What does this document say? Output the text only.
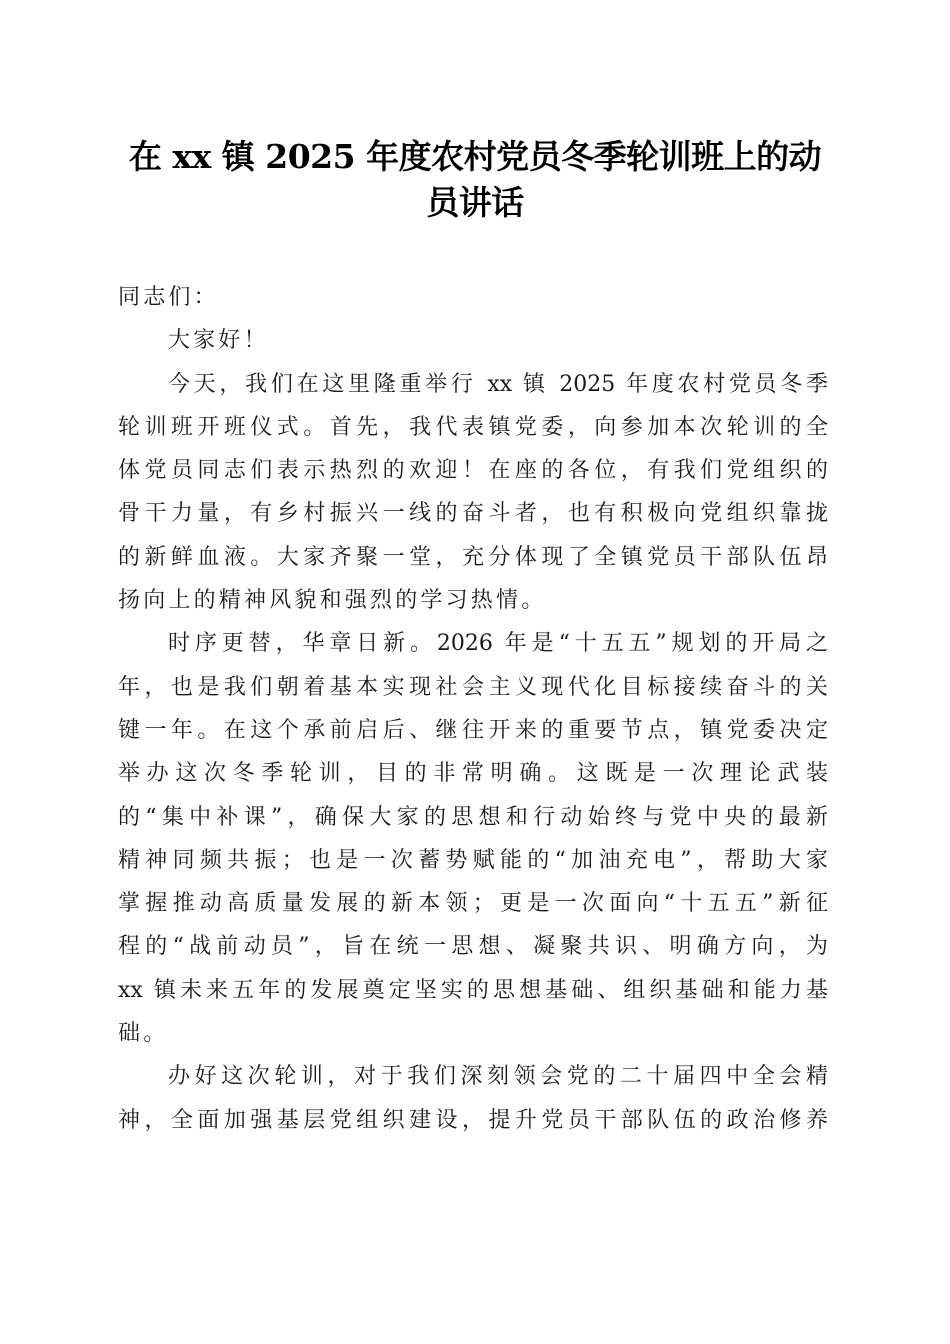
在 xx 镇 2025 年度农村党员冬季轮训班上的动
员讲话
同志们：
大家好！
今天，我们在这里隆重举行 xx 镇 2025 年度农村党员冬季
轮训班开班仪式。首先，我代表镇党委，向参加本次轮训的全
体党员同志们表示热烈的欢迎！在座的各位，有我们党组织的
骨干力量，有乡村振兴一线的奋斗者，也有积极向党组织靠拢
的新鲜血液。大家齐聚一堂，充分体现了全镇党员干部队伍昂
扬向上的精神风貌和强烈的学习热情。
时序更替，华章日新。2026 年是“十五五”规划的开局之
年，也是我们朝着基本实现社会主义现代化目标接续奋斗的关
键一年。在这个承前启后、继往开来的重要节点，镇党委决定
举办这次冬季轮训，目的非常明确。这既是一次理论武装
的“集中补课”，确保大家的思想和行动始终与党中央的最新
精神同频共振；也是一次蓄势赋能的“加油充电”，帮助大家
掌握推动高质量发展的新本领；更是一次面向“十五五”新征
程的“战前动员”，旨在统一思想、凝聚共识、明确方向，为
xx 镇未来五年的发展奠定坚实的思想基础、组织基础和能力基
础。
办好这次轮训，对于我们深刻领会党的二十届四中全会精
神，全面加强基层党组织建设，提升党员干部队伍的政治修养
